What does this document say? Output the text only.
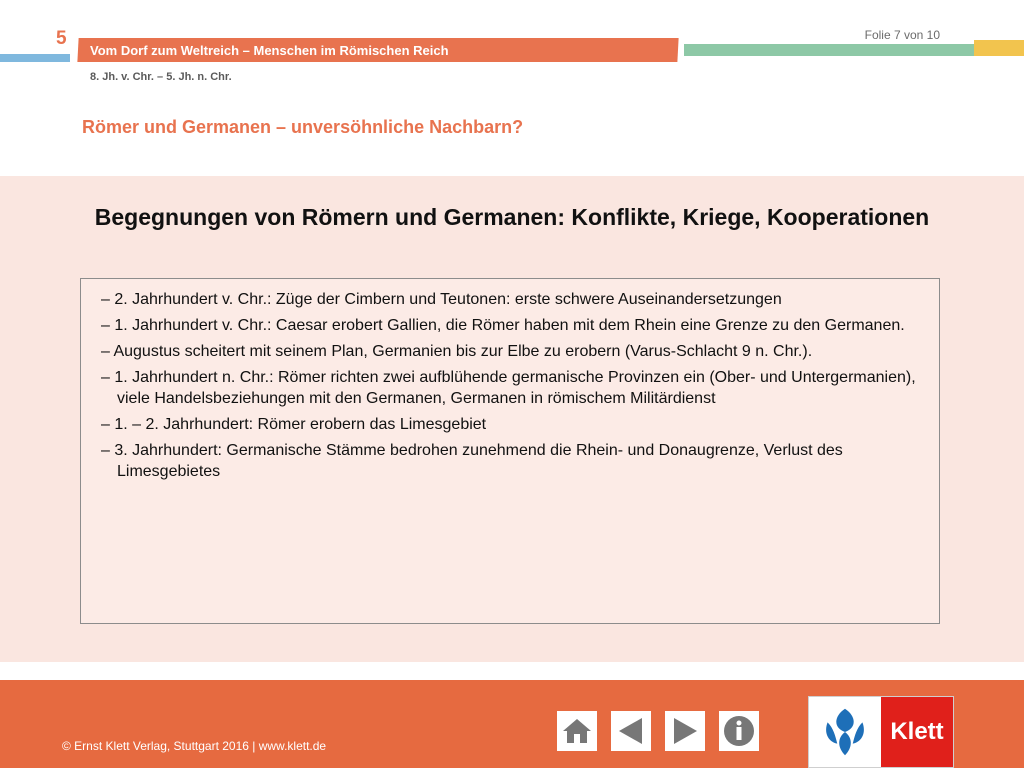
5
Vom Dorf zum Weltreich – Menschen im Römischen Reich
Folie 7 von 10
8. Jh. v. Chr. – 5. Jh. n. Chr.
Römer und Germanen – unversöhnliche Nachbarn?
Begegnungen von Römern und Germanen: Konflikte, Kriege, Kooperationen
– 2. Jahrhundert v. Chr.: Züge der Cimbern und Teutonen: erste schwere Auseinandersetzungen
– 1. Jahrhundert v. Chr.: Caesar erobert Gallien, die Römer haben mit dem Rhein eine Grenze zu den Germanen.
– Augustus scheitert mit seinem Plan, Germanien bis zur Elbe zu erobern (Varus-Schlacht 9 n. Chr.).
– 1. Jahrhundert n. Chr.: Römer richten zwei aufblühende germanische Provinzen ein (Ober- und Untergermanien), viele Handelsbeziehungen mit den Germanen, Germanen in römischem Militärdienst
– 1. – 2. Jahrhundert: Römer erobern das Limesgebiet
– 3. Jahrhundert: Germanische Stämme bedrohen zunehmend die Rhein- und Donaugrenze, Verlust des Limesgebietes
© Ernst Klett Verlag, Stuttgart 2016 | www.klett.de
Klett
